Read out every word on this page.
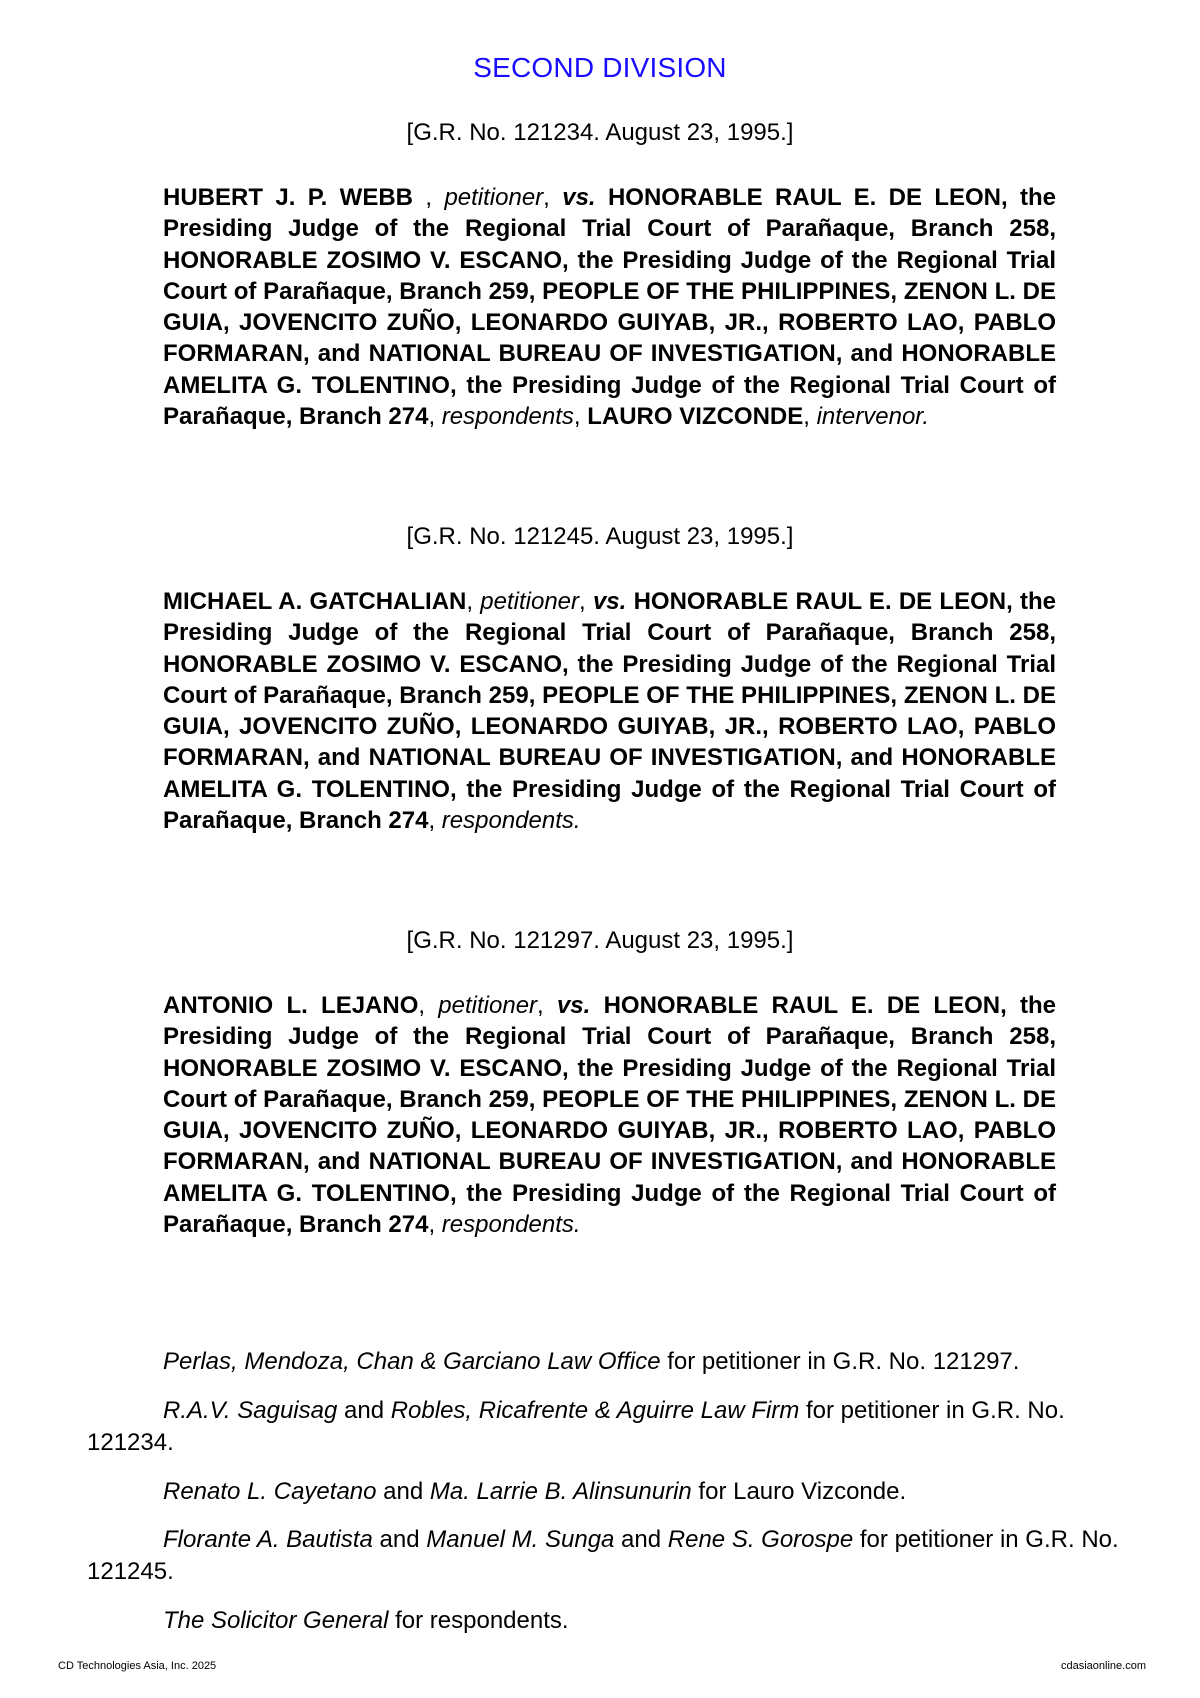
SECOND DIVISION
[G.R. No. 121234. August 23, 1995.]
HUBERT J. P. WEBB , petitioner, vs. HONORABLE RAUL E. DE LEON, the Presiding Judge of the Regional Trial Court of Parañaque, Branch 258, HONORABLE ZOSIMO V. ESCANO, the Presiding Judge of the Regional Trial Court of Parañaque, Branch 259, PEOPLE OF THE PHILIPPINES, ZENON L. DE GUIA, JOVENCITO ZUÑO, LEONARDO GUIYAB, JR., ROBERTO LAO, PABLO FORMARAN, and NATIONAL BUREAU OF INVESTIGATION, and HONORABLE AMELITA G. TOLENTINO, the Presiding Judge of the Regional Trial Court of Parañaque, Branch 274, respondents, LAURO VIZCONDE, intervenor.
[G.R. No. 121245. August 23, 1995.]
MICHAEL A. GATCHALIAN, petitioner, vs. HONORABLE RAUL E. DE LEON, the Presiding Judge of the Regional Trial Court of Parañaque, Branch 258, HONORABLE ZOSIMO V. ESCANO, the Presiding Judge of the Regional Trial Court of Parañaque, Branch 259, PEOPLE OF THE PHILIPPINES, ZENON L. DE GUIA, JOVENCITO ZUÑO, LEONARDO GUIYAB, JR., ROBERTO LAO, PABLO FORMARAN, and NATIONAL BUREAU OF INVESTIGATION, and HONORABLE AMELITA G. TOLENTINO, the Presiding Judge of the Regional Trial Court of Parañaque, Branch 274, respondents.
[G.R. No. 121297. August 23, 1995.]
ANTONIO L. LEJANO, petitioner, vs. HONORABLE RAUL E. DE LEON, the Presiding Judge of the Regional Trial Court of Parañaque, Branch 258, HONORABLE ZOSIMO V. ESCANO, the Presiding Judge of the Regional Trial Court of Parañaque, Branch 259, PEOPLE OF THE PHILIPPINES, ZENON L. DE GUIA, JOVENCITO ZUÑO, LEONARDO GUIYAB, JR., ROBERTO LAO, PABLO FORMARAN, and NATIONAL BUREAU OF INVESTIGATION, and HONORABLE AMELITA G. TOLENTINO, the Presiding Judge of the Regional Trial Court of Parañaque, Branch 274, respondents.
Perlas, Mendoza, Chan & Garciano Law Office for petitioner in G.R. No. 121297.
R.A.V. Saguisag and Robles, Ricafrente & Aguirre Law Firm for petitioner in G.R. No. 121234.
Renato L. Cayetano and Ma. Larrie B. Alinsunurin for Lauro Vizconde.
Florante A. Bautista and Manuel M. Sunga and Rene S. Gorospe for petitioner in G.R. No. 121245.
The Solicitor General for respondents.
CD Technologies Asia, Inc. 2025	cdasiaonline.com
